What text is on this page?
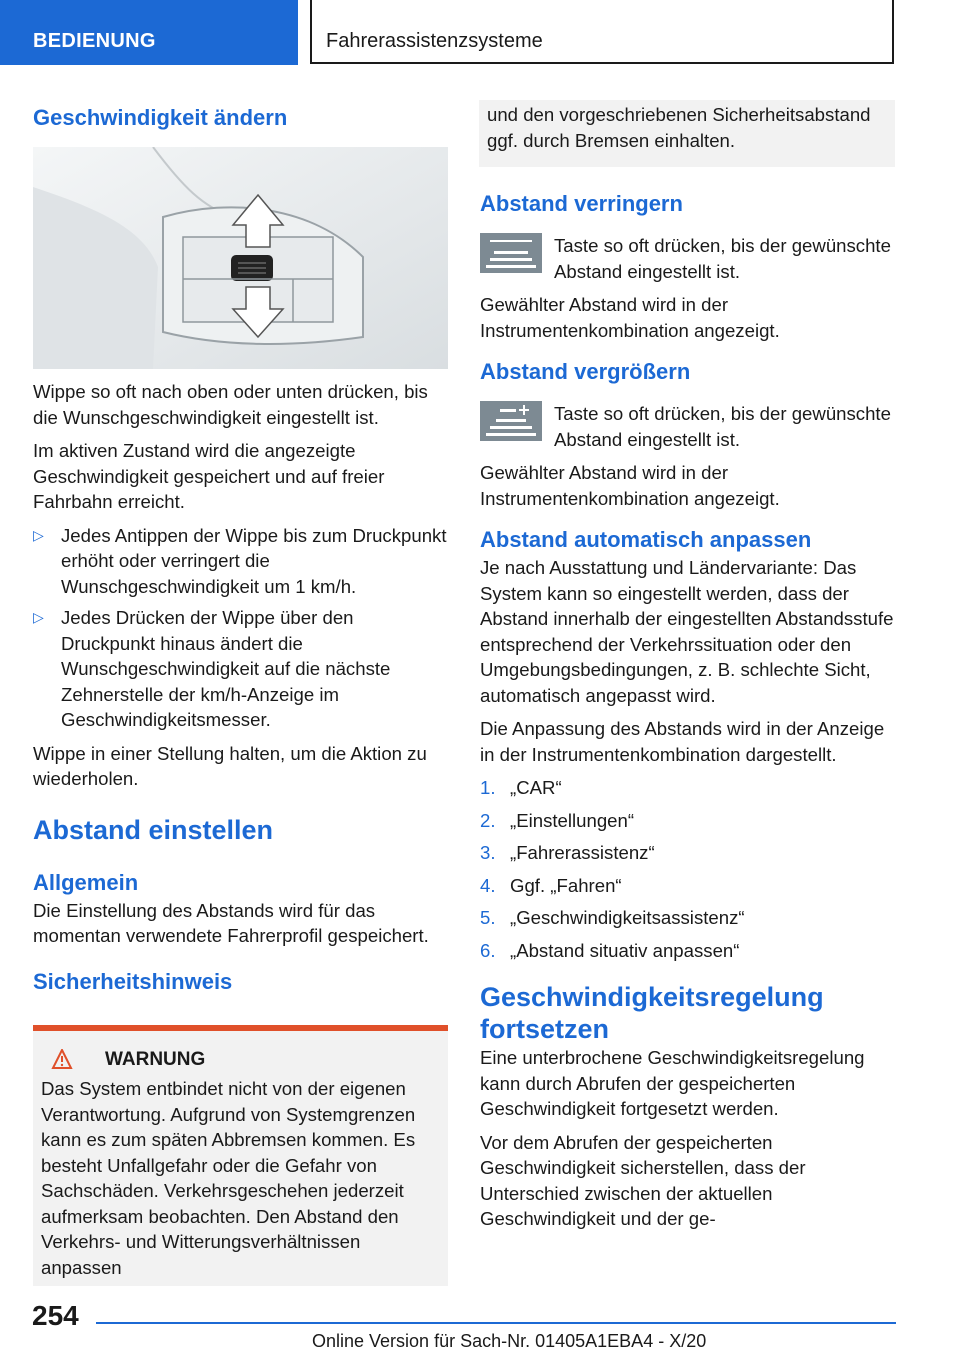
BEDIENUNG	Fahrerassistenzsysteme
Geschwindigkeit ändern

Wippe so oft nach oben oder unten drücken, bis die Wunschgeschwindigkeit eingestellt ist.

Im aktiven Zustand wird die angezeigte Geschwindigkeit gespeichert und auf freier Fahrbahn erreicht.

▷ Jedes Antippen der Wippe bis zum Druckpunkt erhöht oder verringert die Wunschgeschwindigkeit um 1 km/h.
▷ Jedes Drücken der Wippe über den Druckpunkt hinaus ändert die Wunschgeschwindigkeit auf die nächste Zehnerstelle der km/h-Anzeige im Geschwindigkeitsmesser.

Wippe in einer Stellung halten, um die Aktion zu wiederholen.

Abstand einstellen
Allgemein

Die Einstellung des Abstands wird für das momentan verwendete Fahrerprofil gespeichert.

Sicherheitshinweis
WARNUNG
Das System entbindet nicht von der eigenen Verantwortung. Aufgrund von Systemgrenzen kann es zum späten Abbremsen kommen. Es besteht Unfallgefahr oder die Gefahr von Sachschäden. Verkehrsgeschehen jederzeit aufmerksam beobachten. Den Abstand den Verkehrs- und Witterungsverhältnissen anpassen
und den vorgeschriebenen Sicherheitsabstand ggf. durch Bremsen einhalten.
Abstand verringern
Taste so oft drücken, bis der gewünschte Abstand eingestellt ist.

Gewählter Abstand wird in der Instrumentenkombination angezeigt.

Abstand vergrößern
Taste so oft drücken, bis der gewünschte Abstand eingestellt ist.

Gewählter Abstand wird in der Instrumentenkombination angezeigt.

Abstand automatisch anpassen

Je nach Ausstattung und Ländervariante: Das System kann so eingestellt werden, dass der Abstand innerhalb der eingestellten Abstandsstufe entsprechend der Verkehrssituation oder den Umgebungsbedingungen, z. B. schlechte Sicht, automatisch angepasst wird.

Die Anpassung des Abstands wird in der Anzeige in der Instrumentenkombination dargestellt.

1. „CAR“
2. „Einstellungen“
3. „Fahrerassistenz“
4. Ggf. „Fahren“
5. „Geschwindigkeitsassistenz“
6. „Abstand situativ anpassen“
Geschwindigkeitsregelung fortsetzen

Eine unterbrochene Geschwindigkeitsregelung kann durch Abrufen der gespeicherten Geschwindigkeit fortgesetzt werden.

Vor dem Abrufen der gespeicherten Geschwindigkeit sicherstellen, dass der Unterschied zwischen der aktuellen Geschwindigkeit und der ge-

254
Online Version für Sach-Nr. 01405A1EBA4 - X/20
